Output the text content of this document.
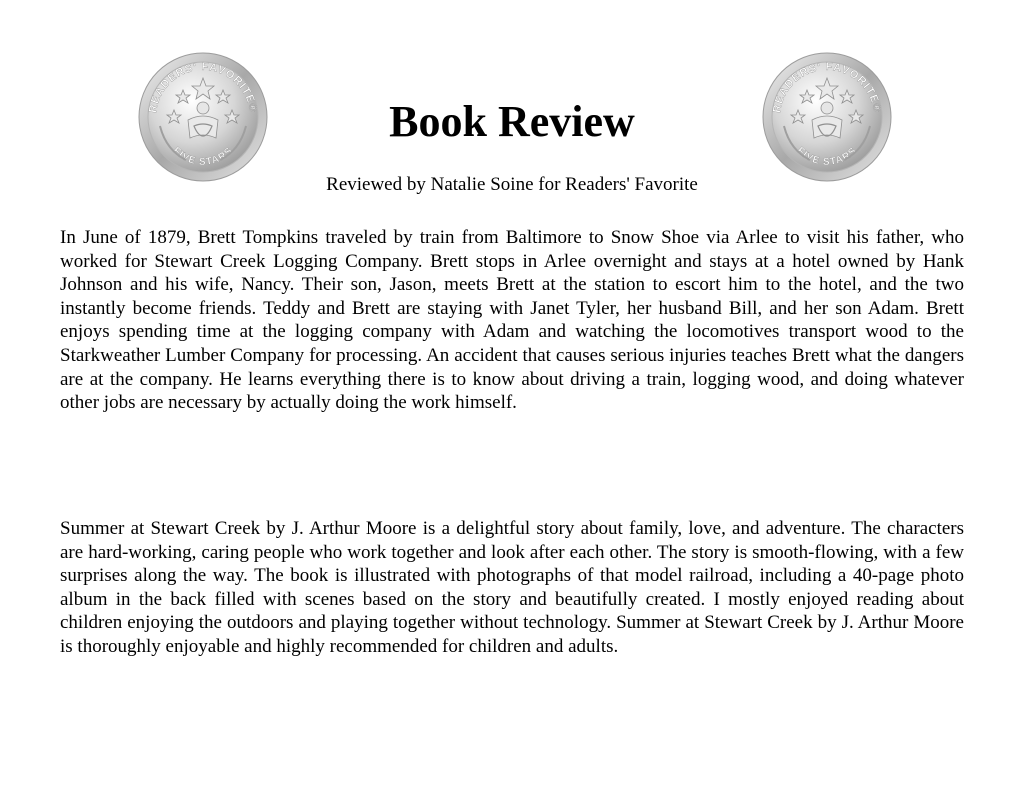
READERS' FAVORITE®
FIVE STARS
READERS' FAVORITE®
FIVE STARS
Book Review

Reviewed by Natalie Soine for Readers' Favorite

In June of 1879, Brett Tompkins traveled by train from Baltimore to Snow Shoe via Arlee to visit his father, who worked for Stewart Creek Logging Company. Brett stops in Arlee overnight and stays at a hotel owned by Hank Johnson and his wife, Nancy. Their son, Jason, meets Brett at the station to escort him to the hotel, and the two instantly become friends. Teddy and Brett are staying with Janet Tyler, her husband Bill, and her son Adam. Brett enjoys spending time at the logging company with Adam and watching the locomotives transport wood to the Starkweather Lumber Company for processing. An accident that causes serious injuries teaches Brett what the dangers are at the company. He learns everything there is to know about driving a train, logging wood, and doing whatever other jobs are necessary by actually doing the work himself.

Summer at Stewart Creek by J. Arthur Moore is a delightful story about family, love, and adventure. The characters are hard-working, caring people who work together and look after each other. The story is smooth-flowing, with a few surprises along the way. The book is illustrated with photographs of that model railroad, including a 40-page photo album in the back filled with scenes based on the story and beautifully created. I mostly enjoyed reading about children enjoying the outdoors and playing together without technology. Summer at Stewart Creek by J. Arthur Moore is thoroughly enjoyable and highly recommended for children and adults.
